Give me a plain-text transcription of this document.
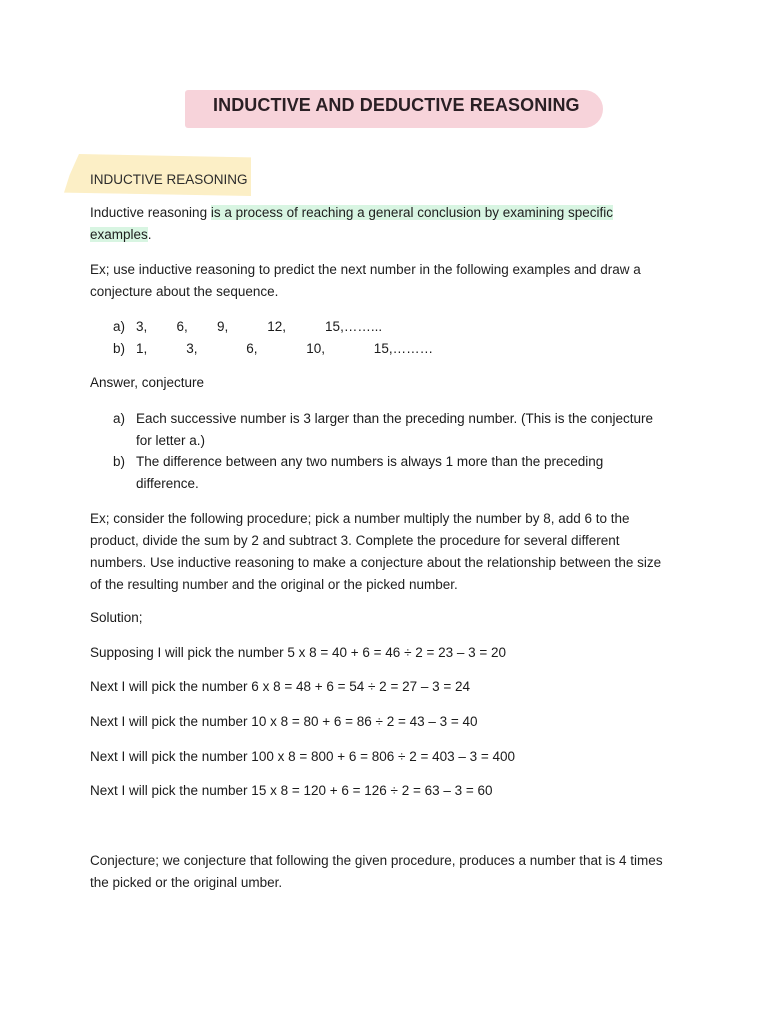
INDUCTIVE AND DEDUCTIVE REASONING
INDUCTIVE REASONING
Inductive reasoning is a process of reaching a general conclusion by examining specific
examples.
Ex; use inductive reasoning to predict the next number in the following examples and draw a conjecture about the sequence.
a) 3,   6,   9,    12,    15,……...
b) 1,    3,     6,     10,     15,………
Answer, conjecture
a) Each successive number is 3 larger than the preceding number. (This is the conjecture for letter a.)
b) The difference between any two numbers is always 1 more than the preceding difference.
Ex; consider the following procedure; pick a number multiply the number by 8, add 6 to the product, divide the sum by 2 and subtract 3. Complete the procedure for several different numbers. Use inductive reasoning to make a conjecture about the relationship between the size of the resulting number and the original or the picked number.
Solution;
Supposing I will pick the number 5 x 8 = 40 + 6 = 46 ÷ 2 = 23 – 3 = 20
Next I will pick the number 6 x 8 = 48 + 6 = 54 ÷ 2 = 27 – 3 = 24
Next I will pick the number 10 x 8 = 80 + 6 = 86 ÷ 2 = 43 – 3 = 40
Next I will pick the number 100 x 8 = 800 + 6 = 806 ÷ 2 = 403 – 3 = 400
Next I will pick the number 15 x 8 = 120 + 6 = 126 ÷ 2 = 63 – 3 = 60
Conjecture; we conjecture that following the given procedure, produces a number that is 4 times the picked or the original umber.
